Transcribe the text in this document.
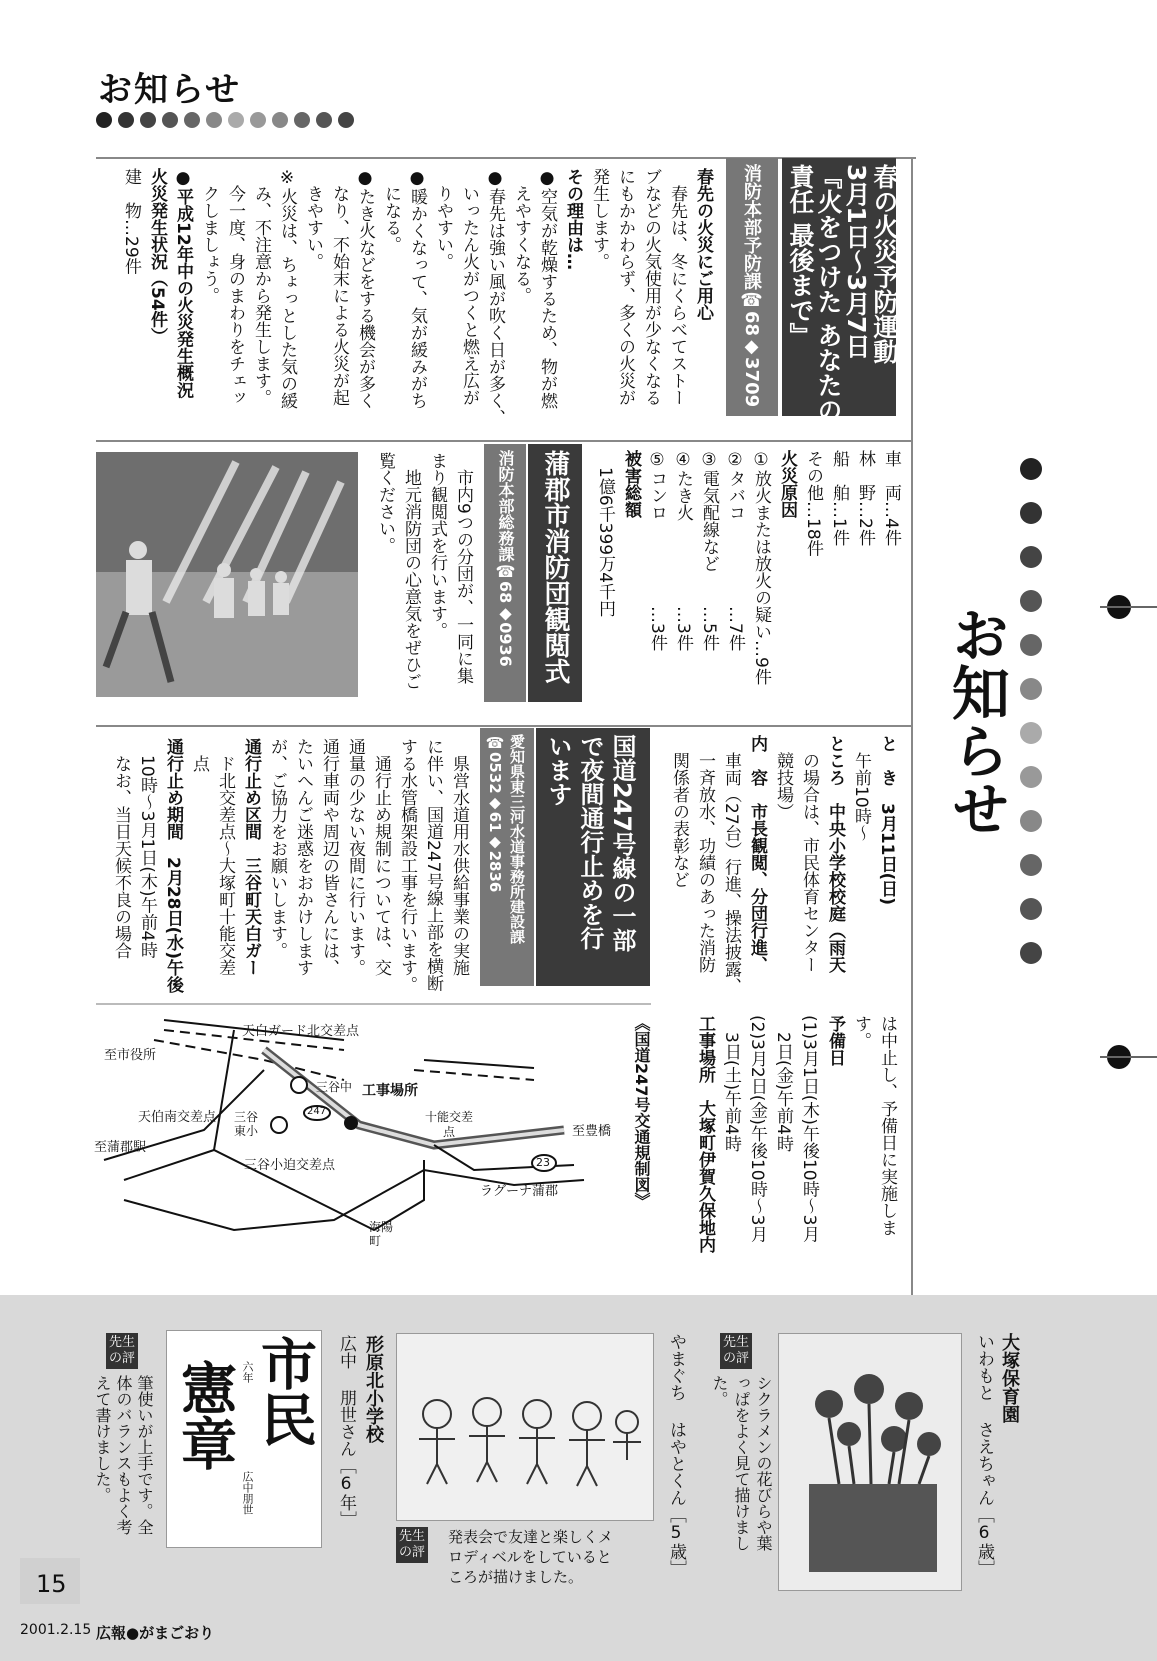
お知らせ
お知らせ
春の火災予防運動
3月1日～3月7日
『火をつけた あなたの
責任 最後まで』
消防本部予防課☎68◆3709
春先の火災にご用心
　春先は、冬にくらべてストー
ブなどの火気使用が少なくなる
にもかかわらず、多くの火災が
発生します。
その理由は…
●空気が乾燥するため、物が燃
　えやすくなる。
●春先は強い風が吹く日が多く、
　いったん火がつくと燃え広が
　りやすい。
●暖かくなって、気が緩みがち
　になる。
●たき火などをする機会が多く
　なり、不始末による火災が起
　きやすい。
※火災は、ちょっとした気の緩
　み、不注意から発生します。
　今一度、身のまわりをチェッ
　クしましょう。
●平成12年中の火災発生概況
火災発生状況（54件）
建　物…29件

車　両…4件
林　野…2件
船　舶…1件
その他…18件
火災原因
①放火または放火の疑い…9件
②タバコ　　　　　…7件
③電気配線など　　…5件
④たき火　　　　　…3件
⑤コンロ　　　　　…3件
被害総額
　1億6千399万4千円

蒲郡市消防団観閲式
消防本部総務課☎68◆0936
　市内9つの分団が、一同に集
まり観閲式を行います。
　地元消防団の心意気をぜひご
覧ください。

と　き　3月11日(日)
　午前10時～
ところ　中央小学校校庭（雨天
　の場合は、市民体育センター
　競技場）
内　容　市長観閲、分団行進、
　車両（27台）行進、操法披露、
　一斉放水、功績のあった消防
　関係者の表彰など

国道247号線の一部
で夜間通行止めを行
います
愛知県東三河水道事務所建設課 ☎0532◆61◆2836
　県営水道用水供給事業の実施
に伴い、国道247号線上部を横断
する水管橋架設工事を行います。
　通行止め規制については、交
通量の少ない夜間に行います。
通行車両や周辺の皆さんには、
たいへんご迷惑をおかけします
が、ご協力をお願いします。
通行止め区間　三谷町天白ガー
　ド北交差点～大塚町十能交差
　点
通行止め期間　2月28日(水)午後
　10時～3月1日(木)午前4時
　なお、当日天候不良の場合

は中止し、予備日に実施しま
す。
予備日
(1)3月1日(木)午後10時～3月
　2日(金)午前4時
(2)3月2日(金)午後10時～3月
　3日(土)午前4時
工事場所　大塚町伊賀久保地内

《国道247号交通規制図》
天白ガード北交差点
至市役所
三谷中 工事場所
三谷東小
247
天伯南交差点	十能交差点	至豊橋
至蒲郡駅
三谷小迫交差点	23
ラグーナ蒲郡
海陽町
先生の評
筆使いが上手です。全
体のバランスもよく考
えて書けました。	市民
憲章 六年
広中朋世
形原北小学校
広中 朋世さん［6年］
先生の評
発表会で友達と楽しくメ
ロディベルをしていると
ころが描けました。	やまぐち はやとくん［5歳］	先生の評
シクラメンの花びらや葉
っぱをよく見て描けまし
た。	大塚保育園
いわもと さえちゃん［6歳］
15
2001.2.15 広報●がまごおり
